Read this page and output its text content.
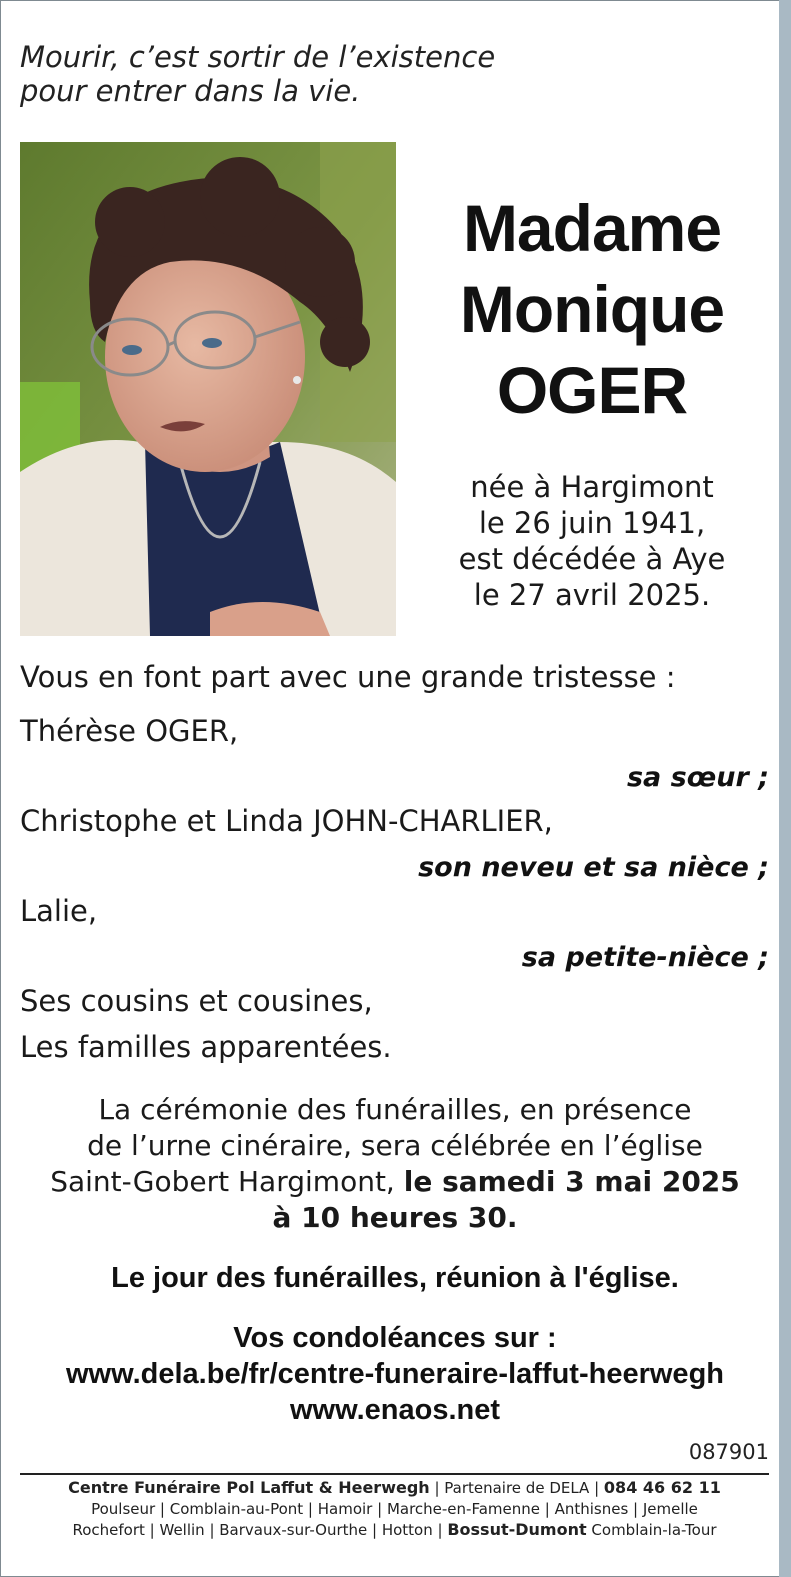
Mourir, c’est sortir de l’existence
pour entrer dans la vie.
Madame
Monique
OGER
née à Hargimont
le 26 juin 1941,
est décédée à Aye
le 27 avril 2025.
Vous en font part avec une grande tristesse :
Thérèse OGER,
sa sœur ;
Christophe et Linda JOHN-CHARLIER,
son neveu et sa nièce ;
Lalie,
sa petite-nièce ;
Ses cousins et cousines,
Les familles apparentées.
La cérémonie des funérailles, en présence
de l’urne cinéraire, sera célébrée en l’église
Saint-Gobert Hargimont, le samedi 3 mai 2025
à 10 heures 30.
Le jour des funérailles, réunion à l'église.
Vos condoléances sur :
www.dela.be/fr/centre-funeraire-laffut-heerwegh
www.enaos.net
087901
Centre Funéraire Pol Laffut & Heerwegh | Partenaire de DELA | 084 46 62 11
Poulseur | Comblain-au-Pont | Hamoir | Marche-en-Famenne | Anthisnes | Jemelle
Rochefort | Wellin | Barvaux-sur-Ourthe | Hotton | Bossut-Dumont Comblain-la-Tour
